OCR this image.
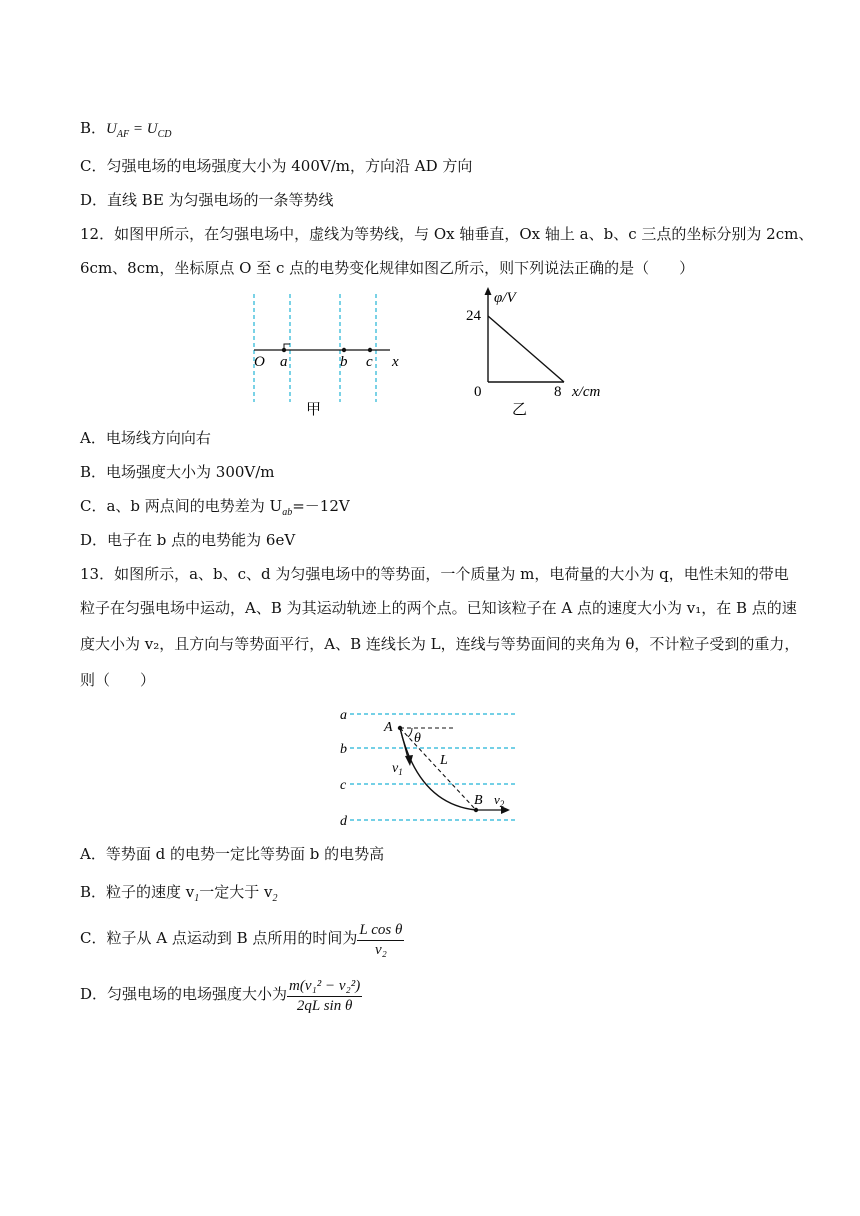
B．$U_{AF} = U_{CD}$
C．匀强电场的电场强度大小为 400V/m，方向沿 AD 方向
D．直线 BE 为匀强电场的一条等势线
12．如图甲所示，在匀强电场中，虚线为等势线，与 Ox 轴垂直，Ox 轴上 a、b、c 三点的坐标分别为 2cm、
6cm、8cm，坐标原点 O 至 c 点的电势变化规律如图乙所示，则下列说法正确的是（　　）
O a	b c x
甲
φ/V
24
0	8 x/cm
乙
A．电场线方向向右
B．电场强度大小为 300V/m
C．a、b 两点间的电势差为 $U_{ab}=-12V$
D．电子在 b 点的电势能为 6eV
13．如图所示，a、b、c、d 为匀强电场中的等势面，一个质量为 m，电荷量的大小为 q，电性未知的带电
粒子在匀强电场中运动，A、B 为其运动轨迹上的两个点。已知该粒子在 A 点的速度大小为 v₁，在 B 点的速
度大小为 v₂，且方向与等势面平行，A、B 连线长为 L，连线与等势面间的夹角为 θ，不计粒子受到的重力，
则（　　）
a
b
c
d
A
θ
$v_1$
L
B $v_2$
A．等势面 d 的电势一定比等势面 b 的电势高
B．粒子的速度 $v_1$一定大于 $v_2$
C．粒子从 A 点运动到 B 点所用的时间为 $\frac{\text{L cos θ}}{\text{v₂}}$
D．匀强电场的电场强度大小为 $\frac{\text{m(v₁² − v₂²)}}{\text{2qL sin θ}}$
